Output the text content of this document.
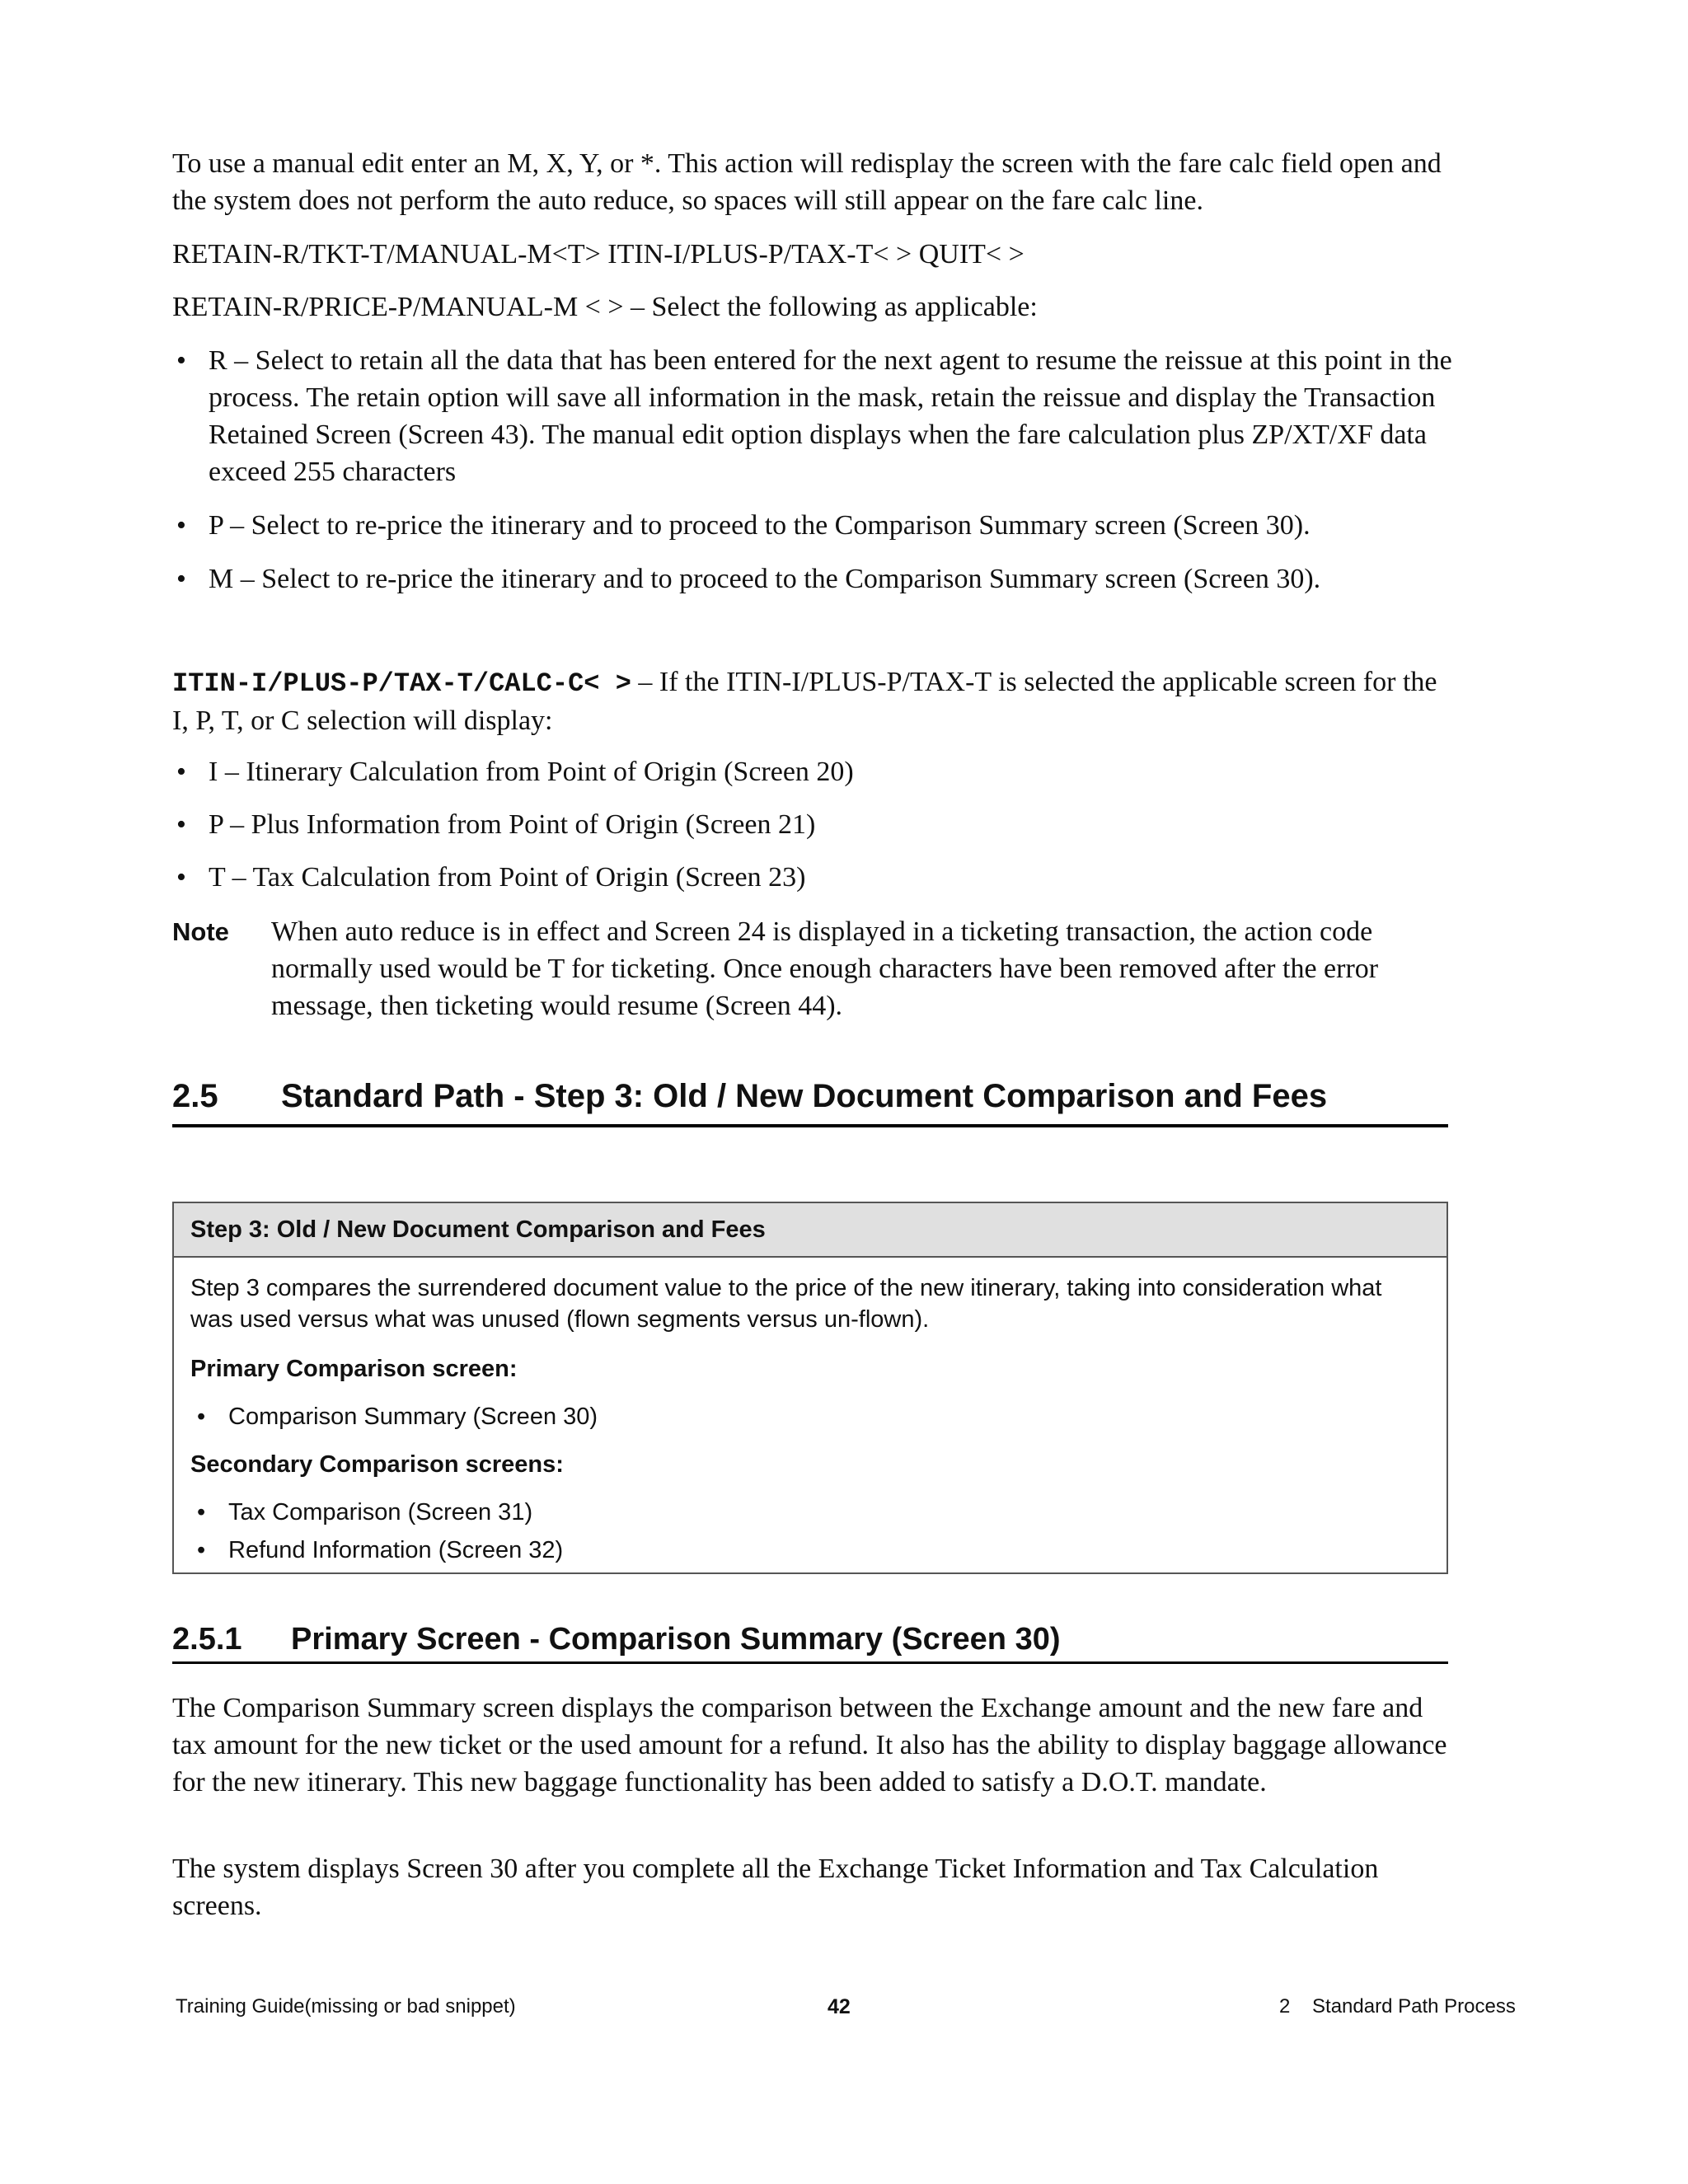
To use a manual edit enter an M, X, Y, or *. This action will redisplay the screen with the fare calc field open and the system does not perform the auto reduce, so spaces will still appear on the fare calc line.

RETAIN-R/TKT-T/MANUAL-M<T> ITIN-I/PLUS-P/TAX-T< > QUIT< >

RETAIN-R/PRICE-P/MANUAL-M < > – Select the following as applicable:

• R – Select to retain all the data that has been entered for the next agent to resume the reissue at this point in the process. The retain option will save all information in the mask, retain the reissue and display the Transaction Retained Screen (Screen 43). The manual edit option displays when the fare calculation plus ZP/XT/XF data exceed 255 characters
• P – Select to re-price the itinerary and to proceed to the Comparison Summary screen (Screen 30).
• M – Select to re-price the itinerary and to proceed to the Comparison Summary screen (Screen 30).

ITIN-I/PLUS-P/TAX-T/CALC-C< > – If the ITIN-I/PLUS-P/TAX-T is selected the applicable screen for the I, P, T, or C selection will display:

• I – Itinerary Calculation from Point of Origin (Screen 20)
• P – Plus Information from Point of Origin (Screen 21)
• T – Tax Calculation from Point of Origin (Screen 23)
Note When auto reduce is in effect and Screen 24 is displayed in a ticketing transaction, the action code normally used would be T for ticketing. Once enough characters have been removed after the error message, then ticketing would resume (Screen 44).

2.5 Standard Path - Step 3: Old / New Document Comparison and Fees
Step 3: Old / New Document Comparison and Fees

Step 3 compares the surrendered document value to the price of the new itinerary, taking into consideration what was used versus what was unused (flown segments versus un-flown).

Primary Comparison screen:

• Comparison Summary (Screen 30)

Secondary Comparison screens:

• Tax Comparison (Screen 31)
• Refund Information (Screen 32)
2.5.1 Primary Screen - Comparison Summary (Screen 30)

The Comparison Summary screen displays the comparison between the Exchange amount and the new fare and tax amount for the new ticket or the used amount for a refund. It also has the ability to display baggage allowance for the new itinerary. This new baggage functionality has been added to satisfy a D.O.T. mandate.

The system displays Screen 30 after you complete all the Exchange Ticket Information and Tax Calculation screens.

Training Guide(missing or bad snippet)	42	2    Standard Path Process
